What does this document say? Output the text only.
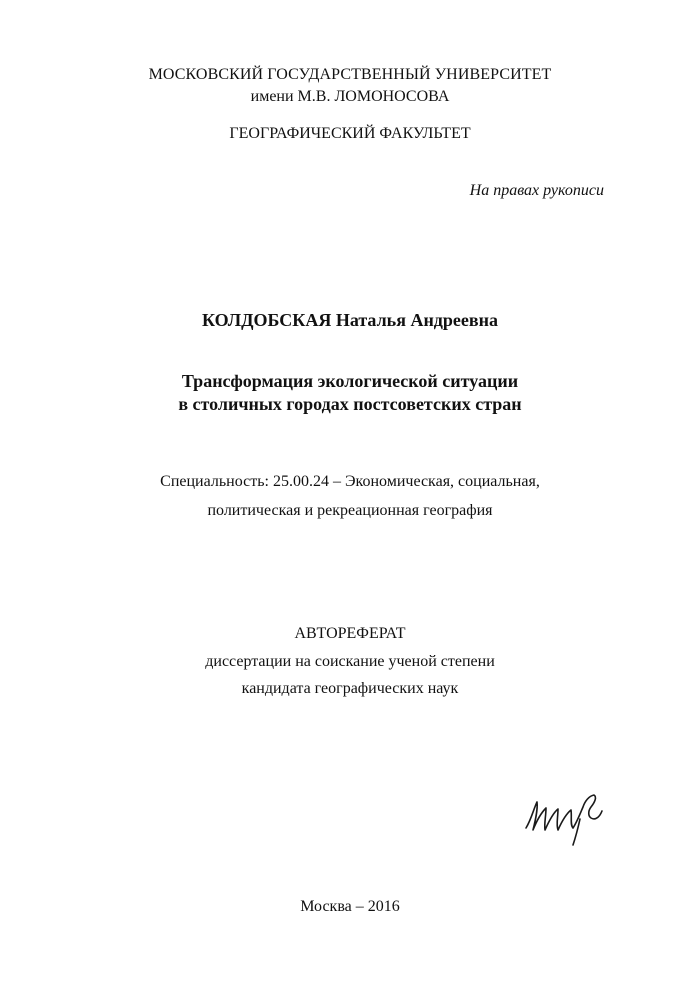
МОСКОВСКИЙ ГОСУДАРСТВЕННЫЙ УНИВЕРСИТЕТ
имени М.В. ЛОМОНОСОВА
ГЕОГРАФИЧЕСКИЙ ФАКУЛЬТЕТ
На правах рукописи
КОЛДОБСКАЯ Наталья Андреевна
Трансформация экологической ситуации
в столичных городах постсоветских стран
Специальность: 25.00.24 – Экономическая, социальная,
политическая и рекреационная география
АВТОРЕФЕРАТ
диссертации на соискание ученой степени
кандидата географических наук
Москва – 2016
